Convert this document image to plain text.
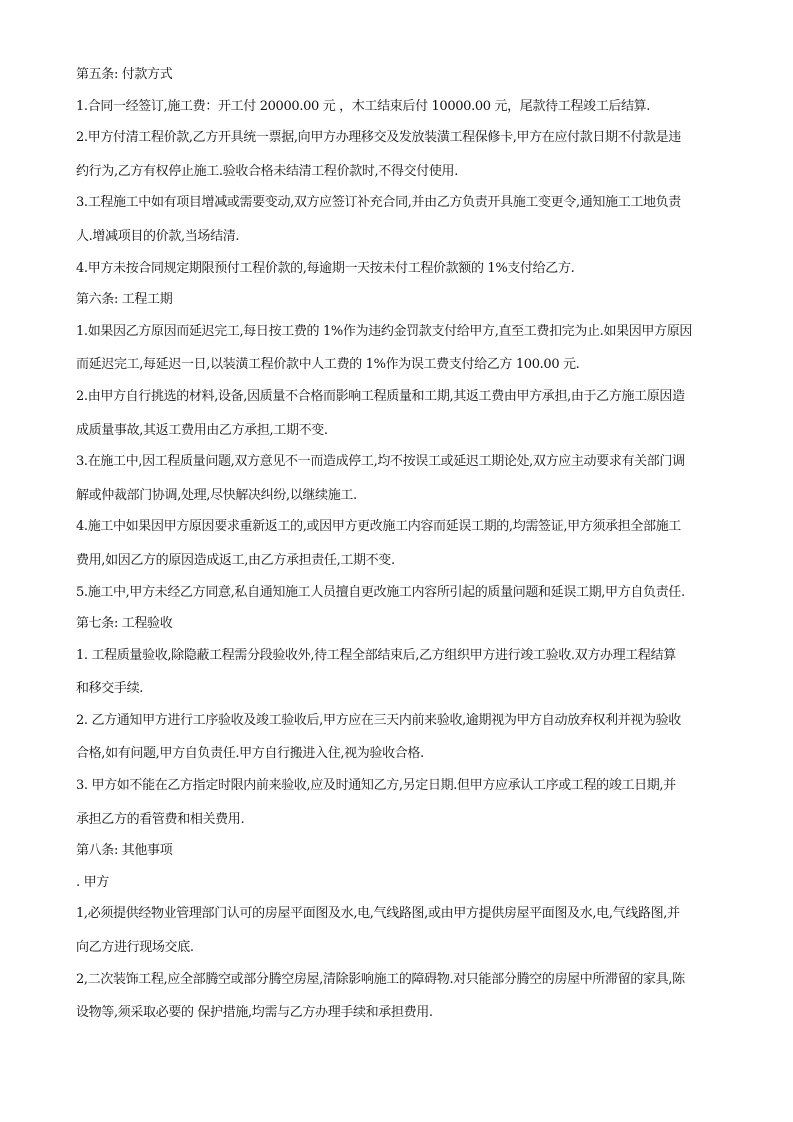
第五条: 付款方式

1.合同一经签订,施工费：开工付 20000.00 元 ，木工结束后付 10000.00 元，尾款待工程竣工后结算.

2.甲方付清工程价款,乙方开具统一票据,向甲方办理移交及发放装潢工程保修卡,甲方在应付款日期不付款是违

约行为,乙方有权停止施工.验收合格未结清工程价款时,不得交付使用.

3.工程施工中如有项目增减或需要变动,双方应签订补充合同,并由乙方负责开具施工变更令,通知施工工地负责

人.增减项目的价款,当场结清.

4.甲方未按合同规定期限预付工程价款的,每逾期一天按未付工程价款额的 1%支付给乙方.

第六条: 工程工期

1.如果因乙方原因而延迟完工,每日按工费的 1%作为违约金罚款支付给甲方,直至工费扣完为止.如果因甲方原因

而延迟完工,每延迟一日,以装潢工程价款中人工费的 1%作为误工费支付给乙方 100.00 元.

2.由甲方自行挑选的材料,设备,因质量不合格而影响工程质量和工期,其返工费由甲方承担,由于乙方施工原因造

成质量事故,其返工费用由乙方承担,工期不变.

3.在施工中,因工程质量问题,双方意见不一而造成停工,均不按误工或延迟工期论处,双方应主动要求有关部门调

解或仲裁部门协调,处理,尽快解决纠纷,以继续施工.

4.施工中如果因甲方原因要求重新返工的,或因甲方更改施工内容而延误工期的,均需签证,甲方须承担全部施工

费用,如因乙方的原因造成返工,由乙方承担责任,工期不变.

5.施工中,甲方未经乙方同意,私自通知施工人员擅自更改施工内容所引起的质量问题和延误工期,甲方自负责任.

第七条: 工程验收

1. 工程质量验收,除隐蔽工程需分段验收外,待工程全部结束后,乙方组织甲方进行竣工验收.双方办理工程结算

和移交手续.

2. 乙方通知甲方进行工序验收及竣工验收后,甲方应在三天内前来验收,逾期视为甲方自动放弃权利并视为验收

合格,如有问题,甲方自负责任.甲方自行搬进入住,视为验收合格.

3. 甲方如不能在乙方指定时限内前来验收,应及时通知乙方,另定日期.但甲方应承认工序或工程的竣工日期,并

承担乙方的看管费和相关费用.

第八条: 其他事项

. 甲方

1,必须提供经物业管理部门认可的房屋平面图及水,电,气线路图,或由甲方提供房屋平面图及水,电,气线路图,并

向乙方进行现场交底.

2,二次装饰工程,应全部腾空或部分腾空房屋,清除影响施工的障碍物.对只能部分腾空的房屋中所滞留的家具,陈

设物等,须采取必要的 保护措施,均需与乙方办理手续和承担费用.
